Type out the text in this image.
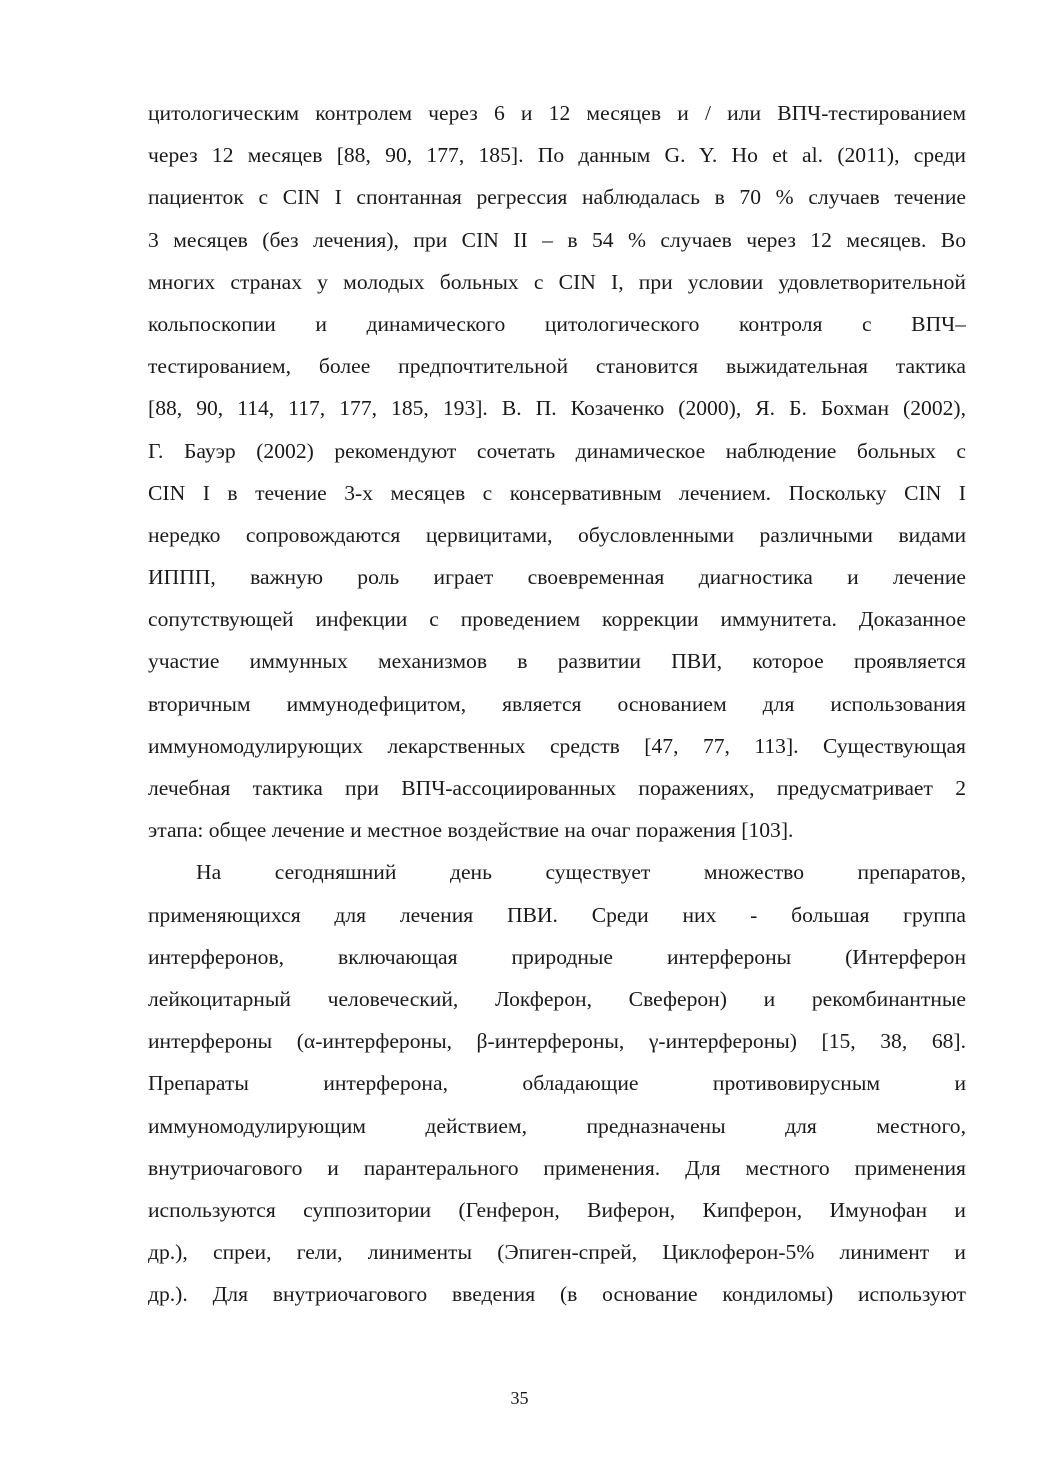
цитологическим контролем через 6 и 12 месяцев и / или ВПЧ-тестированием
через 12 месяцев [88, 90, 177, 185]. По данным G. Y. Ho et al. (2011), среди
пациенток с CIN I спонтанная регрессия наблюдалась в 70 % случаев течение
3 месяцев (без лечения), при CIN II – в 54 % случаев через 12 месяцев. Во
многих странах у молодых больных с CIN I, при условии удовлетворительной
кольпоскопии и динамического цитологического контроля с ВПЧ–
тестированием, более предпочтительной становится выжидательная тактика
[88, 90, 114, 117, 177, 185, 193]. В. П. Козаченко (2000), Я. Б. Бохман (2002),
Г. Бауэр (2002) рекомендуют сочетать динамическое наблюдение больных с
CIN I в течение 3-х месяцев с консервативным лечением. Поскольку CIN I
нередко сопровождаются цервицитами, обусловленными различными видами
ИППП, важную роль играет своевременная диагностика и лечение
сопутствующей инфекции с проведением коррекции иммунитета. Доказанное
участие иммунных механизмов в развитии ПВИ, которое проявляется
вторичным иммунодефицитом, является основанием для использования
иммуномодулирующих лекарственных средств [47, 77, 113]. Существующая
лечебная тактика при ВПЧ-ассоциированных поражениях, предусматривает 2
этапа: общее лечение и местное воздействие на очаг поражения [103].
На сегодняшний день существует множество препаратов,
применяющихся для лечения ПВИ. Среди них - большая группа
интерферонов, включающая природные интерфероны (Интерферон
лейкоцитарный человеческий, Локферон, Свеферон) и рекомбинантные
интерфероны (α-интерфероны, β-интерфероны, γ-интерфероны) [15, 38, 68].
Препараты интерферона, обладающие противовирусным и
иммуномодулирующим действием, предназначены для местного,
внутриочагового и парантерального применения. Для местного применения
используются суппозитории (Генферон, Виферон, Кипферон, Имунофан и
др.), спреи, гели, линименты (Эпиген-спрей, Циклоферон-5% линимент и
др.). Для внутриочагового введения (в основание кондиломы) используют
35
